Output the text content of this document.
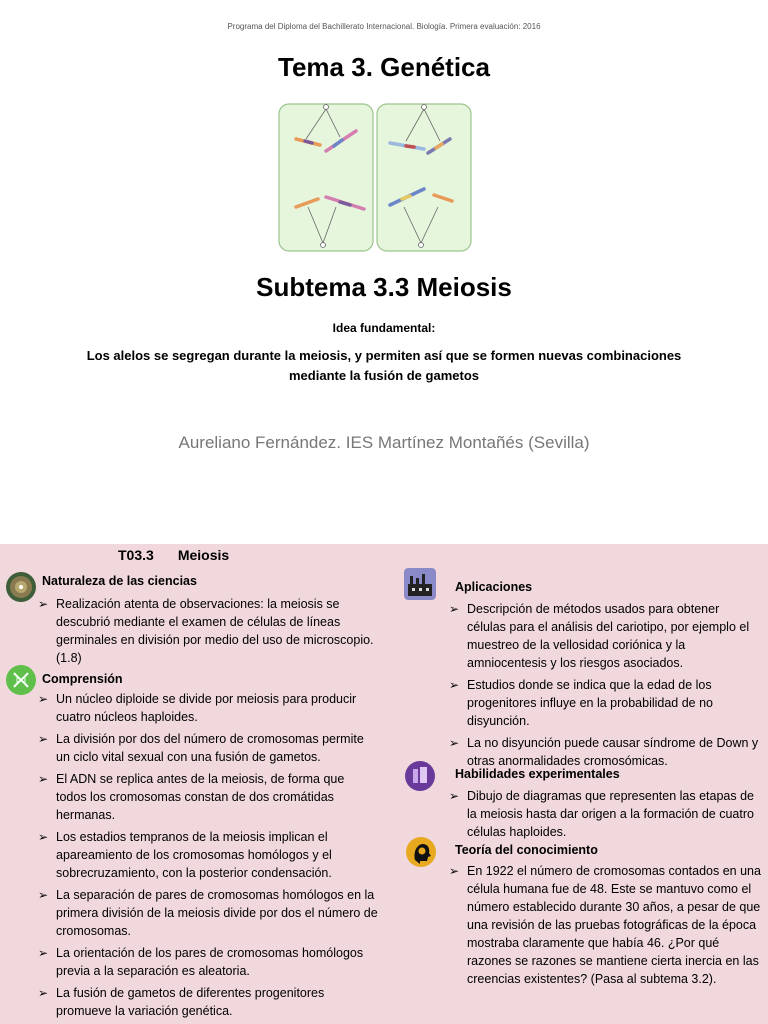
Programa del Diploma del Bachillerato Internacional. Biología. Primera evaluación: 2016
Tema 3. Genética
Subtema 3.3 Meiosis
Idea fundamental:
Los alelos se segregan durante la meiosis, y permiten así que se formen nuevas combinaciones mediante la fusión de gametos
Aureliano Fernández. IES Martínez Montañés (Sevilla)
T03.3 Meiosis
Naturaleza de las ciencias
➢ Realización atenta de observaciones: la meiosis se descubrió mediante el examen de células de líneas germinales en división por medio del uso de microscopio. (1.8)
Comprensión
➢ Un núcleo diploide se divide por meiosis para producir cuatro núcleos haploides.
➢ La división por dos del número de cromosomas permite un ciclo vital sexual con una fusión de gametos.
➢ El ADN se replica antes de la meiosis, de forma que todos los cromosomas constan de dos cromátidas hermanas.
➢ Los estadios tempranos de la meiosis implican el apareamiento de los cromosomas homólogos y el sobrecruzamiento, con la posterior condensación.
➢ La separación de pares de cromosomas homólogos en la primera división de la meiosis divide por dos el número de cromosomas.
➢ La orientación de los pares de cromosomas homólogos previa a la separación es aleatoria.
➢ La fusión de gametos de diferentes progenitores promueve la variación genética.
Aplicaciones
➢ Descripción de métodos usados para obtener células para el análisis del cariotipo, por ejemplo el muestreo de la vellosidad coriónica y la amniocentesis y los riesgos asociados.
➢ Estudios donde se indica que la edad de los progenitores influye en la probabilidad de no disyunción.
➢ La no disyunción puede causar síndrome de Down y otras anormalidades cromosómicas.
Habilidades experimentales
➢ Dibujo de diagramas que representen las etapas de la meiosis hasta dar origen a la formación de cuatro células haploides.
Teoría del conocimiento
➢ En 1922 el número de cromosomas contados en una célula humana fue de 48. Este se mantuvo como el número establecido durante 30 años, a pesar de que una revisión de las pruebas fotográficas de la época mostraba claramente que había 46. ¿Por qué razones se razones se mantiene cierta inercia en las creencias existentes? (Pasa al subtema 3.2).
